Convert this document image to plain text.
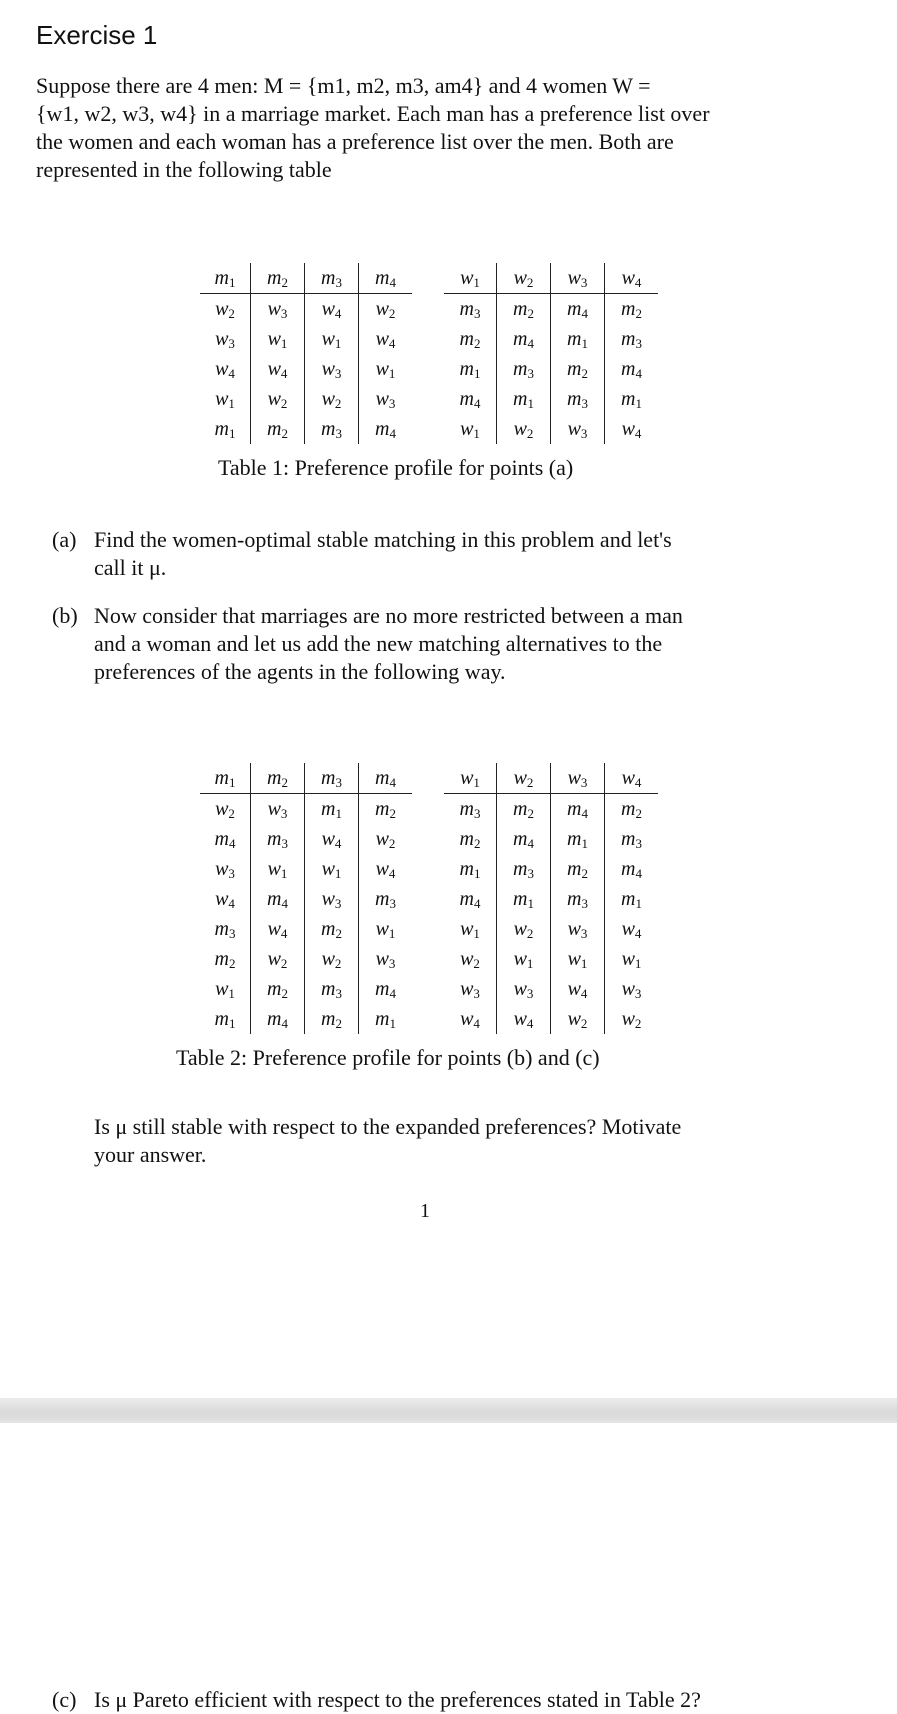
Exercise 1

Suppose there are 4 men: M = {m1, m2, m3, am4} and 4 women W =

{w1, w2, w3, w4} in a marriage market. Each man has a preference list over

the women and each woman has a preference list over the men. Both are

represented in the following table

$m_1$	$m_2$	$m_3$	$m_4$		$w_1$	$w_2$	$w_3$	$w_4$
$w_2$	$w_3$	$w_4$	$w_2$		$m_3$	$m_2$	$m_4$	$m_2$
$w_3$	$w_1$	$w_1$	$w_4$		$m_2$	$m_4$	$m_1$	$m_3$
$w_4$	$w_4$	$w_3$	$w_1$		$m_1$	$m_3$	$m_2$	$m_4$
$w_1$	$w_2$	$w_2$	$w_3$		$m_4$	$m_1$	$m_3$	$m_1$
$m_1$	$m_2$	$m_3$	$m_4$		$w_1$	$w_2$	$w_3$	$w_4$

Table 1: Preference profile for points (a)

(a) Find the women-optimal stable matching in this problem and let's
call it μ.
(b) Now consider that marriages are no more restricted between a man
and a woman and let us add the new matching alternatives to the
preferences of the agents in the following way.
$m_1$	$m_2$	$m_3$	$m_4$		$w_1$	$w_2$	$w_3$	$w_4$
$w_2$	$w_3$	$m_1$	$m_2$		$m_3$	$m_2$	$m_4$	$m_2$
$m_4$	$m_3$	$w_4$	$w_2$		$m_2$	$m_4$	$m_1$	$m_3$
$w_3$	$w_1$	$w_1$	$w_4$		$m_1$	$m_3$	$m_2$	$m_4$
$w_4$	$m_4$	$w_3$	$m_3$		$m_4$	$m_1$	$m_3$	$m_1$
$m_3$	$w_4$	$m_2$	$w_1$		$w_1$	$w_2$	$w_3$	$w_4$
$m_2$	$w_2$	$w_2$	$w_3$		$w_2$	$w_1$	$w_1$	$w_1$
$w_1$	$m_2$	$m_3$	$m_4$		$w_3$	$w_3$	$w_4$	$w_3$
$m_1$	$m_4$	$m_2$	$m_1$		$w_4$	$w_4$	$w_2$	$w_2$

Table 2: Preference profile for points (b) and (c)

Is μ still stable with respect to the expanded preferences? Motivate
your answer.
1
(c) Is μ Pareto efficient with respect to the preferences stated in Table 2?
